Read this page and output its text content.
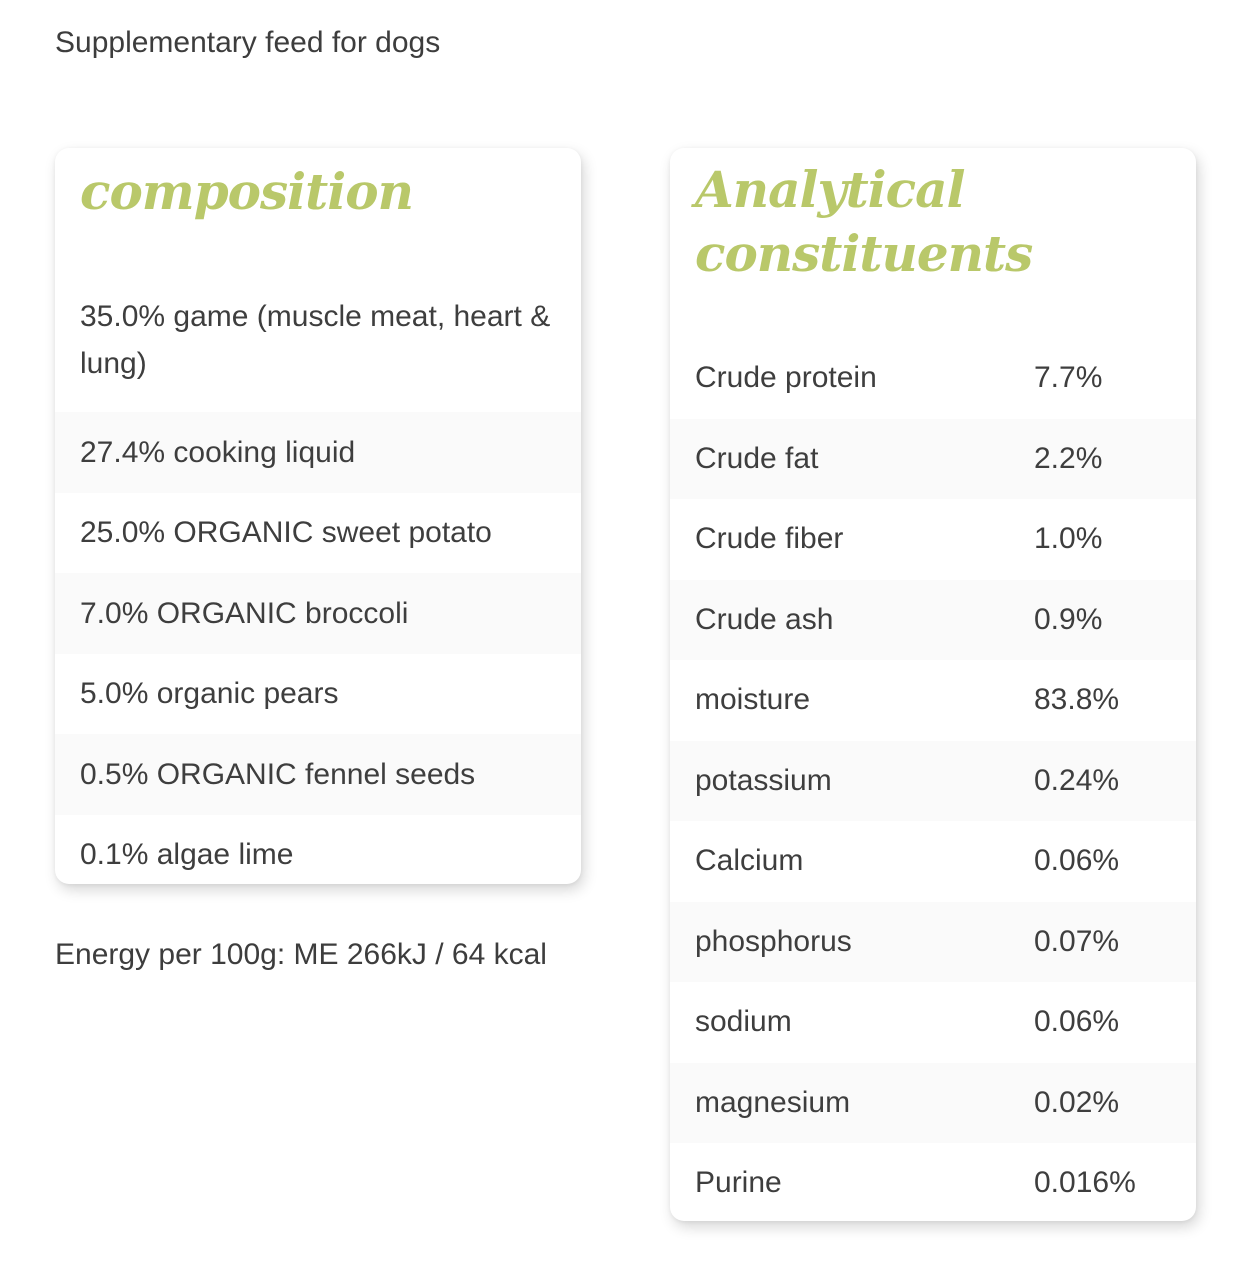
Supplementary feed for dogs
composition
35.0% game (muscle meat, heart & lung)
27.4% cooking liquid
25.0% ORGANIC sweet potato
7.0% ORGANIC broccoli
5.0% organic pears
0.5% ORGANIC fennel seeds
0.1% algae lime
Energy per 100g: ME 266kJ / 64 kcal
Analytical constituents
Crude protein	7.7%
Crude fat	2.2%
Crude fiber	1.0%
Crude ash	0.9%
moisture	83.8%
potassium	0.24%
Calcium	0.06%
phosphorus	0.07%
sodium	0.06%
magnesium	0.02%
Purine	0.016%
